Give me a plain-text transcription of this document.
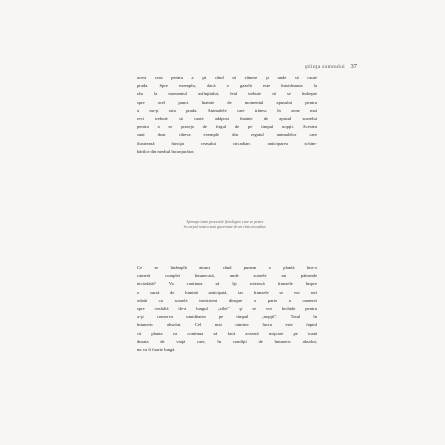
ştiinţa somnului 37
acest ceas pentru a şti când să vâneze şi unde să caute
prada. Spre exemplu, dacă o gazelă este întotdeauna la
râu la momentul asfinţitului, leul trebuie să se îndrepte
spre acel punct înainte de momentul apusului pentru
a nu-şi rata prada. Animalele care trăiesc în zone mai
reci trebuie să caute adăpost înainte de apusul soarelui
pentru a se proteja de frigul de pe timpul nopţii. Acestea
sunt doar câteva exemple din regatul animalelor care
ilustrează funcţia ceasului circadian: anticiparea schim-
bărilor din mediul înconjurător.
Aproape toate procesele fiziologice care se petrec
în corpul nostru sunt guvernate de un ritm circadian.
Ce se întâmplă atunci când punem o plantă într-o
cameră complet întunecată, unde soarele nu pătrunde
niciodată? Va continua să îşi rotească frunzele înspre
o sursă de lumină anticipată, iar frunzele se vor roti
odată cu soarele inexistent dinspre o parte a camerei
spre cealaltă de-a lungul „zilei” şi se vor închide pentru
a-şi conserva umiditatea pe timpul „nopţii”. Totul în
întuneric absolut. Cel mai uimitor lucru este faptul
că planta va continua să facă această mişcare pe toată
durata de viaţă care, în condiţii de întuneric absolut,
nu va fi foarte lungă.
